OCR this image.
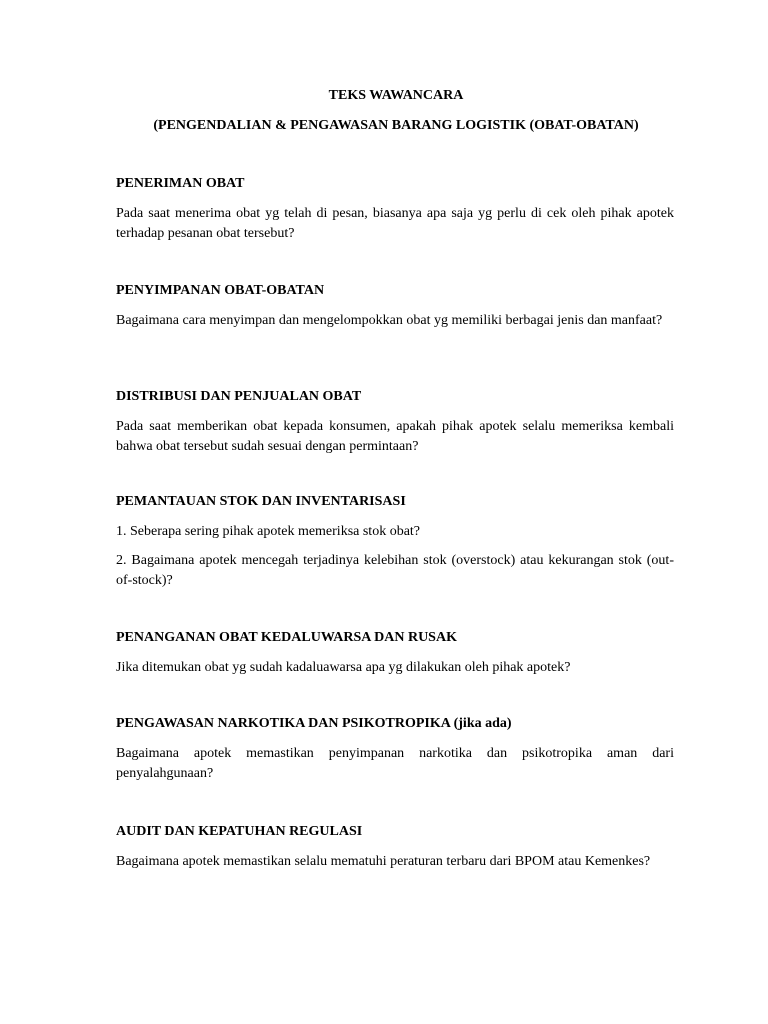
TEKS WAWANCARA

(PENGENDALIAN & PENGAWASAN BARANG LOGISTIK (OBAT-OBATAN)

PENERIMAN OBAT

Pada saat menerima obat yg telah di pesan, biasanya apa saja yg perlu di cek oleh pihak apotek terhadap pesanan obat tersebut?

PENYIMPANAN OBAT-OBATAN

Bagaimana cara menyimpan dan mengelompokkan obat yg memiliki berbagai jenis dan manfaat?

DISTRIBUSI DAN PENJUALAN OBAT

Pada saat memberikan obat kepada konsumen, apakah pihak apotek selalu memeriksa kembali bahwa obat tersebut sudah sesuai dengan permintaan?

PEMANTAUAN STOK DAN INVENTARISASI

1. Seberapa sering pihak apotek memeriksa stok obat?

2. Bagaimana apotek mencegah terjadinya kelebihan stok (overstock) atau kekurangan stok (out-of-stock)?

PENANGANAN OBAT KEDALUWARSA DAN RUSAK

Jika ditemukan obat yg sudah kadaluawarsa apa yg dilakukan oleh pihak apotek?

PENGAWASAN NARKOTIKA DAN PSIKOTROPIKA (jika ada)

Bagaimana apotek memastikan penyimpanan narkotika dan psikotropika aman dari penyalahgunaan?

AUDIT DAN KEPATUHAN REGULASI

Bagaimana apotek memastikan selalu mematuhi peraturan terbaru dari BPOM atau Kemenkes?
